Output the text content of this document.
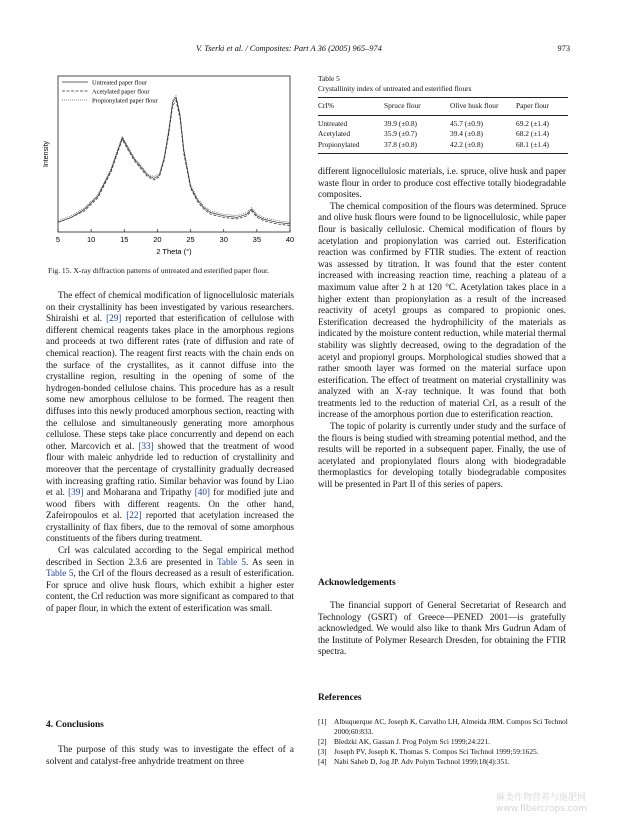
V. Tserki et al. / Composites: Part A 36 (2005) 965–974	973
5	10	15	20	25	30	35	40
2 Theta (°)
Intensity
Untreated paper flour
Acetylated paper flour
Propionylated paper flour
Fig. 15. X-ray diffraction patterns of untreated and esterified paper flour.
Table 5
Crystallinity index of untreated and esterified flours
CrI%	Spruce flour	Olive husk flour	Paper flour
Untreated	39.9 (±0.8)	45.7 (±0.9)	69.2 (±1.4)
Acetylated	35.9 (±0.7)	39.4 (±0.8)	68.2 (±1.4)
Propionylated	37.8 (±0.8)	42.2 (±0.8)	68.1 (±1.4)

The effect of chemical modification of lignocellulosic materials on their crystallinity has been investigated by various researchers. Shiraishi et al. [29] reported that esterification of cellulose with different chemical reagents takes place in the amorphous regions and proceeds at two different rates (rate of diffusion and rate of chemical reaction). The reagent first reacts with the chain ends on the surface of the crystallites, as it cannot diffuse into the crystalline region, resulting in the opening of some of the hydrogen-bonded cellulose chains. This procedure has as a result some new amorphous cellulose to be formed. The reagent then diffuses into this newly produced amorphous section, reacting with the cellulose and simultaneously generating more amorphous cellulose. These steps take place concurrently and depend on each other. Marcovich et al. [33] showed that the treatment of wood flour with maleic anhydride led to reduction of crystallinity and moreover that the percentage of crystallinity gradually decreased with increasing grafting ratio. Similar behavior was found by Liao et al. [39] and Moharana and Tripathy [40] for modified jute and wood fibers with different reagents. On the other hand, Zafeiropoulos et al. [22] reported that acetylation increased the crystallinity of flax fibers, due to the removal of some amorphous constituents of the fibers during treatment.

CrI was calculated according to the Segal empirical method described in Section 2.3.6 are presented in Table 5. As seen in Table 5, the CrI of the flours decreased as a result of esterification. For spruce and olive husk flours, which exhibit a higher ester content, the CrI reduction was more significant as compared to that of paper flour, in which the extent of esterification was small.

4. Conclusions

The purpose of this study was to investigate the effect of a solvent and catalyst-free anhydride treatment on three

different lignocellulosic materials, i.e. spruce, olive husk and paper waste flour in order to produce cost effective totally biodegradable composites.

The chemical composition of the flours was determined. Spruce and olive husk flours were found to be lignocellulosic, while paper flour is basically cellulosic. Chemical modification of flours by acetylation and propionylation was carried out. Esterification reaction was confirmed by FTIR studies. The extent of reaction was assessed by titration. It was found that the ester content increased with increasing reaction time, reaching a plateau of a maximum value after 2 h at 120 °C. Acetylation takes place in a higher extent than propionylation as a result of the increased reactivity of acetyl groups as compared to propionic ones. Esterification decreased the hydrophilicity of the materials as indicated by the moisture content reduction, while material thermal stability was slightly decreased, owing to the degradation of the acetyl and propionyl groups. Morphological studies showed that a rather smooth layer was formed on the material surface upon esterification. The effect of treatment on material crystallinity was analyzed with an X-ray technique. It was found that both treatments led to the reduction of material CrI, as a result of the increase of the amorphous portion due to esterification reaction.

The topic of polarity is currently under study and the surface of the flours is being studied with streaming potential method, and the results will be reported in a subsequent paper. Finally, the use of acetylated and propionylated flours along with biodegradable thermoplastics for developing totally biodegradable composites will be presented in Part II of this series of papers.

Acknowledgements
The financial support of General Secretariat of Research and Technology (GSRT) of Greece—PENED 2001—is gratefully acknowledged. We would also like to thank Mrs Gudrun Adam of the Institute of Polymer Research Dresden, for obtaining the FTIR spectra.
References
[1] Albuquerque AC, Joseph K, Carvalho LH, Almeida JRM. Compos Sci Technol 2000;60:833.
[2] Bledzki AK, Gassan J. Prog Polym Sci 1999;24:221.
[3] Joseph PV, Joseph K, Thomas S. Compos Sci Technol 1999;59:1625.
[4] Nabi Saheb D, Jog JP. Adv Polym Technol 1999;18(4):351.
麻类作物营养与施肥网
www.fibercrops.com
